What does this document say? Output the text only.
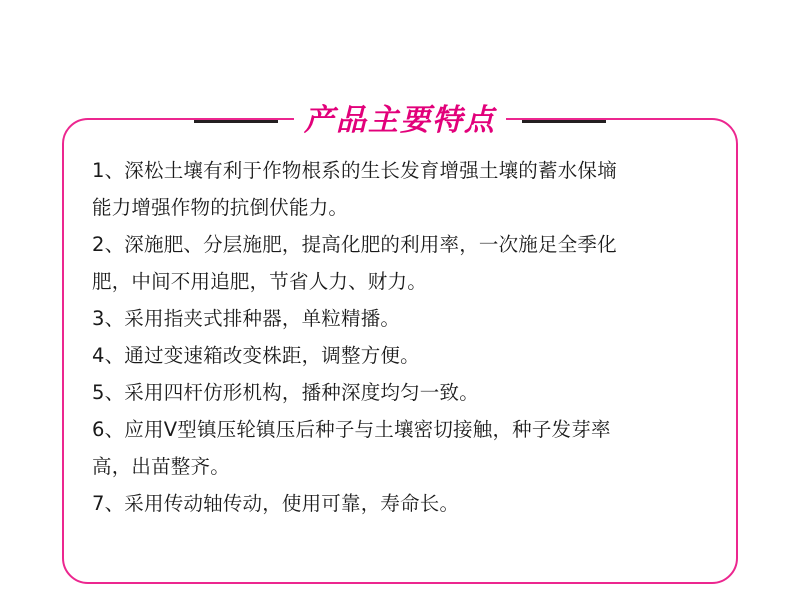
产品主要特点
1、深松土壤有利于作物根系的生长发育增强土壤的蓄水保墒
能力增强作物的抗倒伏能力。
2、深施肥、分层施肥，提高化肥的利用率，一次施足全季化
肥，中间不用追肥，节省人力、财力。
3、采用指夹式排种器，单粒精播。
4、通过变速箱改变株距，调整方便。
5、采用四杆仿形机构，播种深度均匀一致。
6、应用V型镇压轮镇压后种子与土壤密切接触，种子发芽率
高，出苗整齐。
7、采用传动轴传动，使用可靠，寿命长。
